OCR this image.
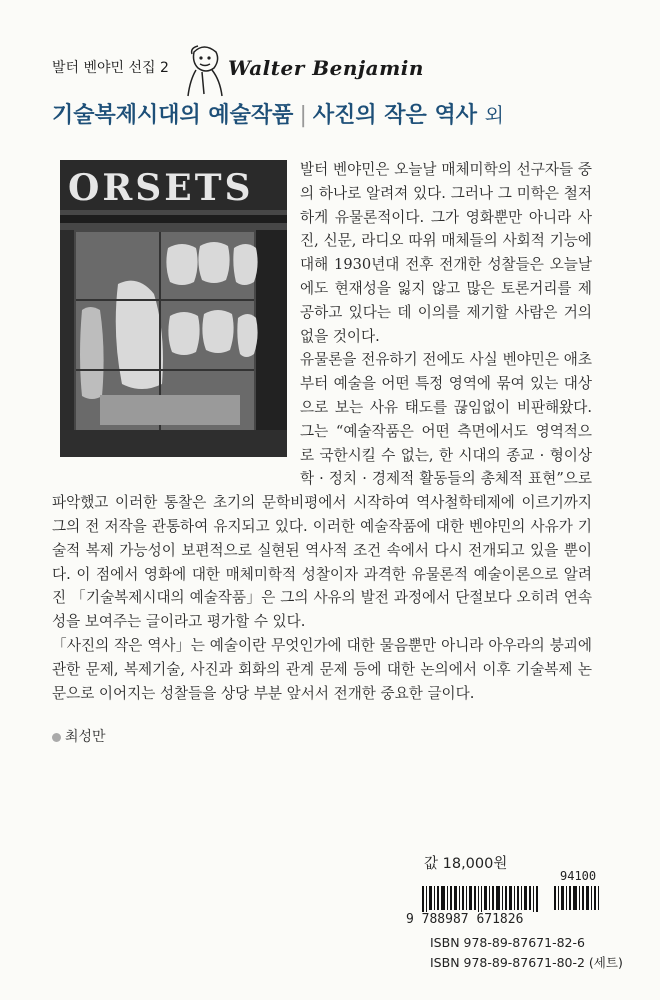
발터 벤야민 선집 2	Walter Benjamin
기술복제시대의 예술작품 | 사진의 작은 역사 외
ORSETS	발터 벤야민은 오늘날 매체미학의 선구자들 중의 하나로 알려져 있다. 그러나 그 미학은 철저하게 유물론적이다. 그가 영화뿐만 아니라 사진, 신문, 라디오 따위 매체들의 사회적 기능에 대해 1930년대 전후 전개한 성찰들은 오늘날에도 현재성을 잃지 않고 많은 토론거리를 제공하고 있다는 데 이의를 제기할 사람은 거의 없을 것이다.

유물론을 전유하기 전에도 사실 벤야민은 애초부터 예술을 어떤 특정 영역에 묶여 있는 대상으로 보는 사유 태도를 끊임없이 비판해왔다. 그는 “예술작품은 어떤 측면에서도 영역적으로 국한시킬 수 없는, 한 시대의 종교 · 형이상학 · 정치 · 경제적 활동들의 총체적 표현”으로 파악했고 이러한 통찰은 초기의 문학비평에서 시작하여 역사철학테제에 이르기까지 그의 전 저작을 관통하여 유지되고 있다. 이러한 예술작품에 대한 벤야민의 사유가 기술적 복제 가능성이 보편적으로 실현된 역사적 조건 속에서 다시 전개되고 있을 뿐이다. 이 점에서 영화에 대한 매체미학적 성찰이자 과격한 유물론적 예술이론으로 알려진 「기술복제시대의 예술작품」은 그의 사유의 발전 과정에서 단절보다 오히려 연속성을 보여주는 글이라고 평가할 수 있다.

「사진의 작은 역사」는 예술이란 무엇인가에 대한 물음뿐만 아니라 아우라의 붕괴에 관한 문제, 복제기술, 사진과 회화의 관계 문제 등에 대한 논의에서 이후 기술복제 논문으로 이어지는 성찰들을 상당 부분 앞서서 전개한 중요한 글이다.

최성만
값 18,000원
94100
9 788987 671826
ISBN 978-89-87671-82-6
ISBN 978-89-87671-80-2 (세트)
